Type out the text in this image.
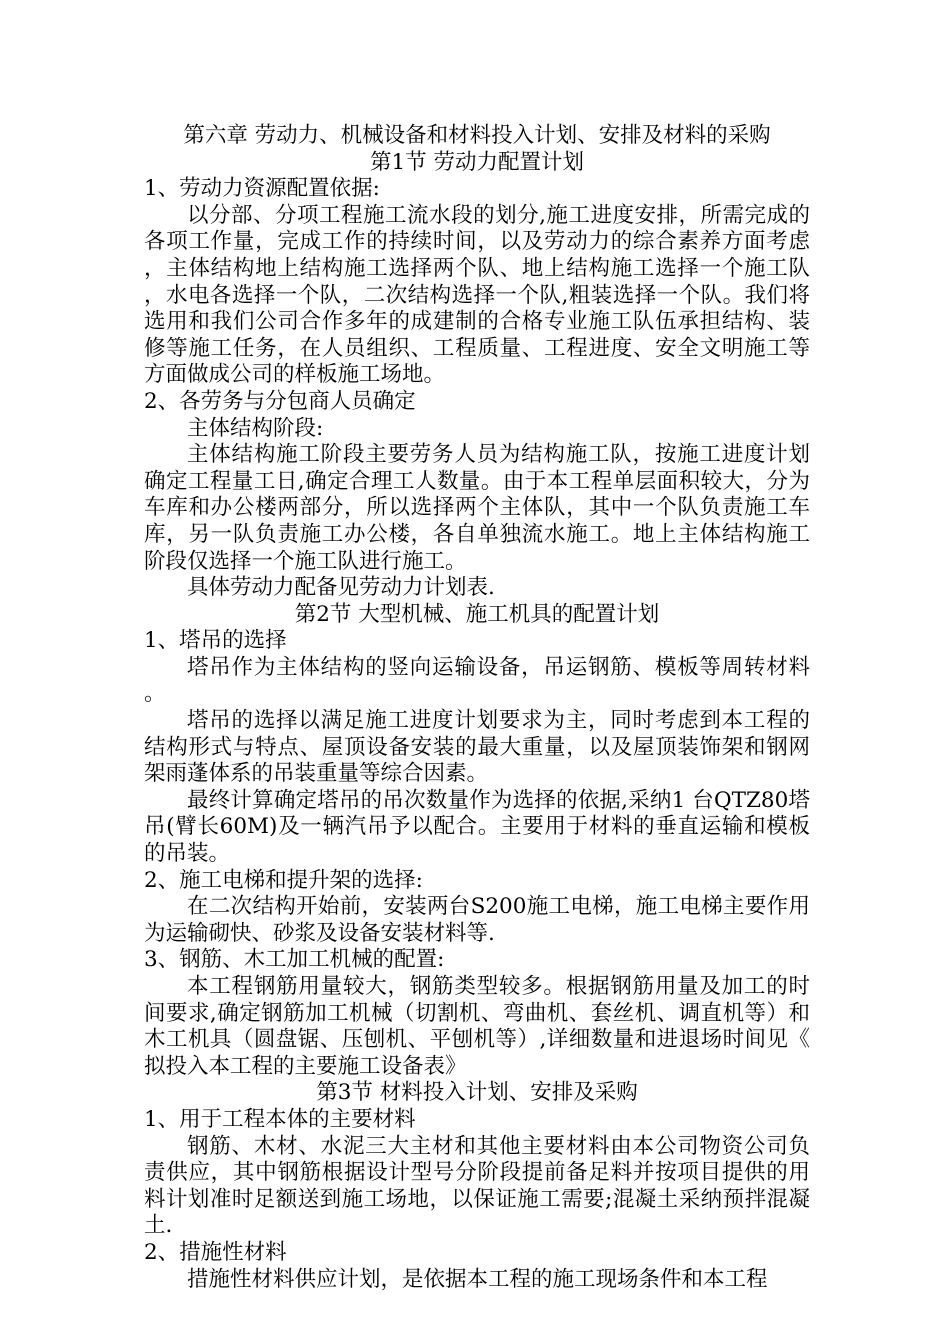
第六章 劳动力、机械设备和材料投入计划、安排及材料的采购

第1节 劳动力配置计划

1、劳动力资源配置依据:

以分部、分项工程施工流水段的划分,施工进度安排，所需完成的各项工作量，完成工作的持续时间，以及劳动力的综合素养方面考虑，主体结构地上结构施工选择两个队、地上结构施工选择一个施工队，水电各选择一个队，二次结构选择一个队,粗装选择一个队。我们将选用和我们公司合作多年的成建制的合格专业施工队伍承担结构、装修等施工任务，在人员组织、工程质量、工程进度、安全文明施工等方面做成公司的样板施工场地。

2、各劳务与分包商人员确定

主体结构阶段:

主体结构施工阶段主要劳务人员为结构施工队，按施工进度计划确定工程量工日,确定合理工人数量。由于本工程单层面积较大，分为车库和办公楼两部分，所以选择两个主体队，其中一个队负责施工车库，另一队负责施工办公楼，各自单独流水施工。地上主体结构施工阶段仅选择一个施工队进行施工。

具体劳动力配备见劳动力计划表.

第2节 大型机械、施工机具的配置计划

1、塔吊的选择

塔吊作为主体结构的竖向运输设备，吊运钢筋、模板等周转材料。

塔吊的选择以满足施工进度计划要求为主，同时考虑到本工程的结构形式与特点、屋顶设备安装的最大重量，以及屋顶装饰架和钢网架雨蓬体系的吊装重量等综合因素。

最终计算确定塔吊的吊次数量作为选择的依据,采纳1 台QTZ80塔吊(臂长60M)及一辆汽吊予以配合。主要用于材料的垂直运输和模板的吊装。

2、施工电梯和提升架的选择:

在二次结构开始前，安装两台S200施工电梯，施工电梯主要作用为运输砌快、砂浆及设备安装材料等.

3、钢筋、木工加工机械的配置:

本工程钢筋用量较大，钢筋类型较多。根据钢筋用量及加工的时间要求,确定钢筋加工机械（切割机、弯曲机、套丝机、调直机等）和木工机具（圆盘锯、压刨机、平刨机等）,详细数量和进退场时间见《拟投入本工程的主要施工设备表》

第3节 材料投入计划、安排及采购

1、用于工程本体的主要材料

钢筋、木材、水泥三大主材和其他主要材料由本公司物资公司负责供应，其中钢筋根据设计型号分阶段提前备足料并按项目提供的用料计划准时足额送到施工场地，以保证施工需要;混凝土采纳预拌混凝土.

2、措施性材料

措施性材料供应计划，是依据本工程的施工现场条件和本工程
